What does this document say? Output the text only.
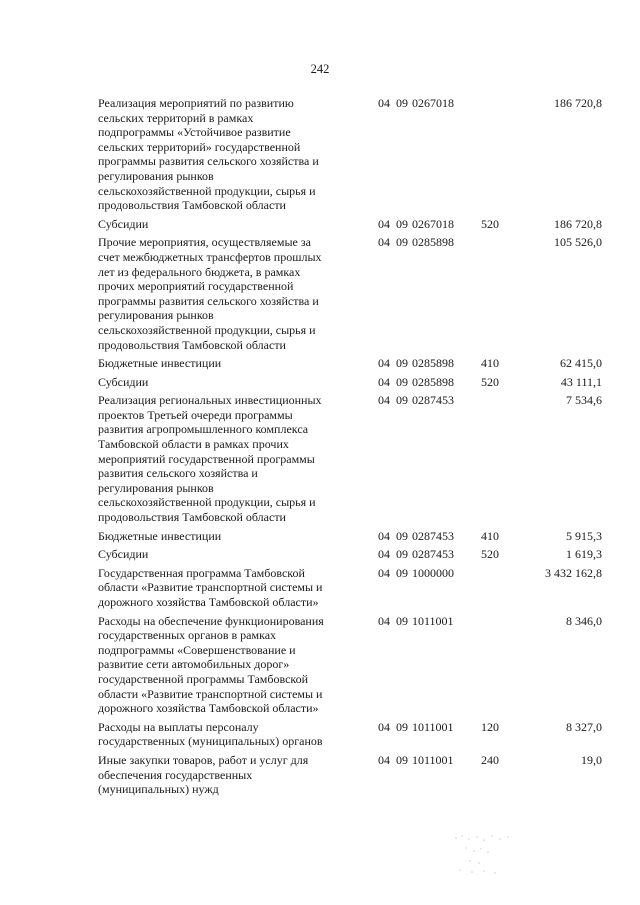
242
Реализация мероприятий по развитию
сельских территорий в рамках
подпрограммы «Устойчивое развитие
сельских территорий» государственной
программы развития сельского хозяйства и
регулирования рынков
сельскохозяйственной продукции, сырья и
продовольствия Тамбовской области
04  09 0267018	186 720,8
Субсидии	04  09 0267018	520	186 720,8
Прочие мероприятия, осуществляемые за
счет межбюджетных трансфертов прошлых
лет из федерального бюджета, в рамках
прочих мероприятий государственной
программы развития сельского хозяйства и
регулирования рынков
сельскохозяйственной продукции, сырья и
продовольствия Тамбовской области
04  09 0285898	105 526,0
Бюджетные инвестиции	04  09 0285898	410	62 415,0
Субсидии	04  09 0285898	520	43 111,1
Реализация региональных инвестиционных
проектов Третьей очереди программы
развития агропромышленного комплекса
Тамбовской области в рамках прочих
мероприятий государственной программы
развития сельского хозяйства и
регулирования рынков
сельскохозяйственной продукции, сырья и
продовольствия Тамбовской области
04  09 0287453	7 534,6
Бюджетные инвестиции	04  09 0287453	410	5 915,3
Субсидии	04  09 0287453	520	1 619,3
Государственная программа Тамбовской
области «Развитие транспортной системы и
дорожного хозяйства Тамбовской области»
04  09 1000000	3 432 162,8
Расходы на обеспечение функционирования
государственных органов в рамках
подпрограммы «Совершенствование и
развитие сети автомобильных дорог»
государственной программы Тамбовской
области «Развитие транспортной системы и
дорожного хозяйства Тамбовской области»
04  09 1011001	8 346,0
Расходы на выплаты персоналу
государственных (муниципальных) органов
04  09 1011001	120	8 327,0
Иные закупки товаров, работ и услуг для
обеспечения государственных
(муниципальных) нужд
04  09 1011001	240	19,0
